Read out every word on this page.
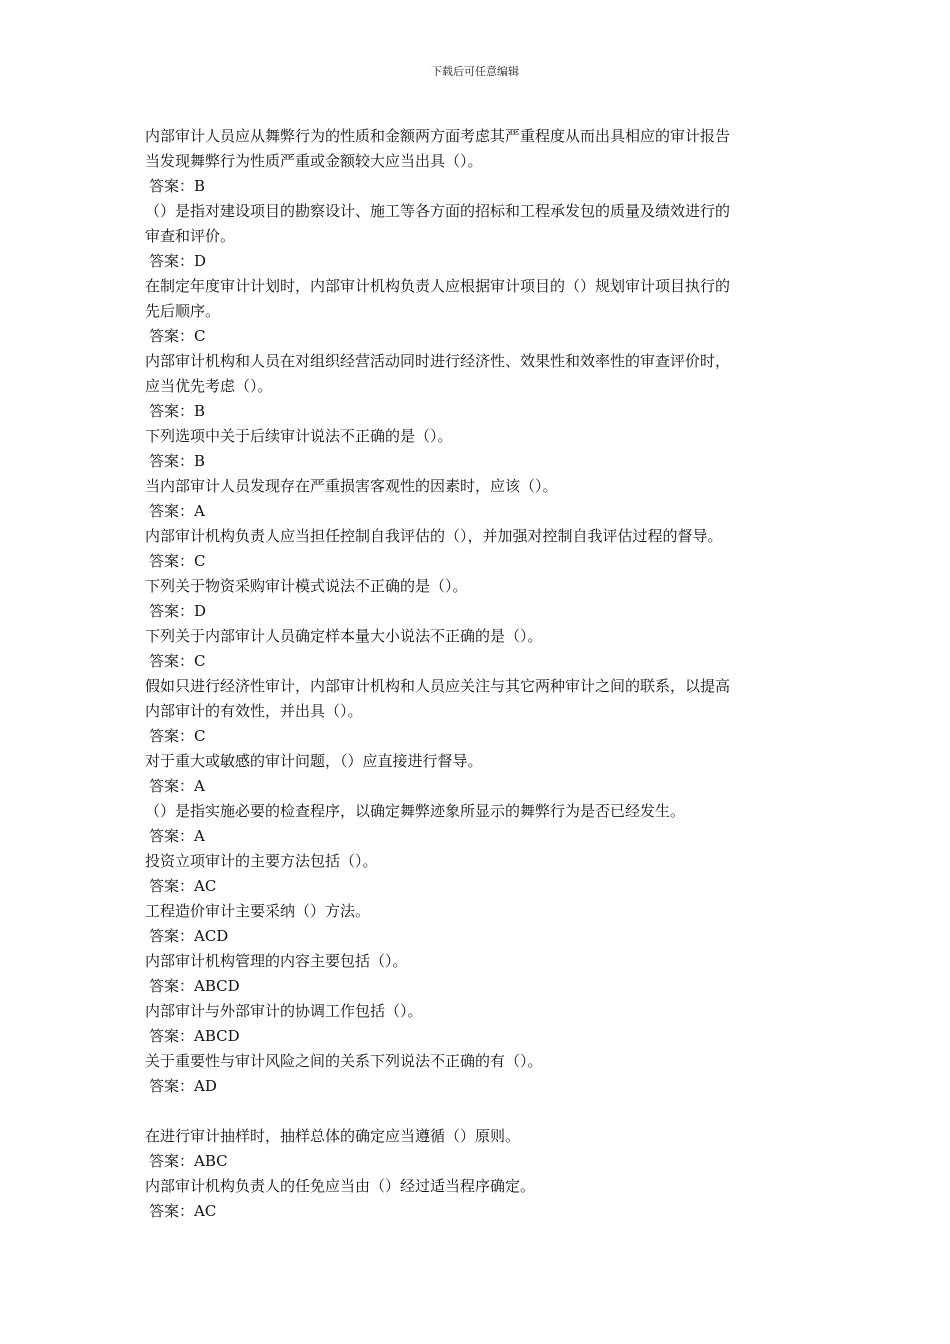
下载后可任意编辑
内部审计人员应从舞弊行为的性质和金额两方面考虑其严重程度从而出具相应的审计报告
当发现舞弊行为性质严重或金额较大应当出具（）。
答案：B
（）是指对建设项目的勘察设计、施工等各方面的招标和工程承发包的质量及绩效进行的
审查和评价。
答案：D
在制定年度审计计划时，内部审计机构负责人应根据审计项目的（）规划审计项目执行的
先后顺序。
答案：C
内部审计机构和人员在对组织经营活动同时进行经济性、效果性和效率性的审查评价时，
应当优先考虑（）。
答案：B
下列选项中关于后续审计说法不正确的是（）。
答案：B
当内部审计人员发现存在严重损害客观性的因素时，应该（）。
答案：A
内部审计机构负责人应当担任控制自我评估的（），并加强对控制自我评估过程的督导。
答案：C
下列关于物资采购审计模式说法不正确的是（）。
答案：D
下列关于内部审计人员确定样本量大小说法不正确的是（）。
答案：C
假如只进行经济性审计，内部审计机构和人员应关注与其它两种审计之间的联系，以提高
内部审计的有效性，并出具（）。
答案：C
对于重大或敏感的审计问题，（）应直接进行督导。
答案：A
（）是指实施必要的检查程序，以确定舞弊迹象所显示的舞弊行为是否已经发生。
答案：A
投资立项审计的主要方法包括（）。
答案：AC
工程造价审计主要采纳（）方法。
答案：ACD
内部审计机构管理的内容主要包括（）。
答案：ABCD
内部审计与外部审计的协调工作包括（）。
答案：ABCD
关于重要性与审计风险之间的关系下列说法不正确的有（）。
答案：AD
在进行审计抽样时，抽样总体的确定应当遵循（）原则。
答案：ABC
内部审计机构负责人的任免应当由（）经过适当程序确定。
答案：AC
